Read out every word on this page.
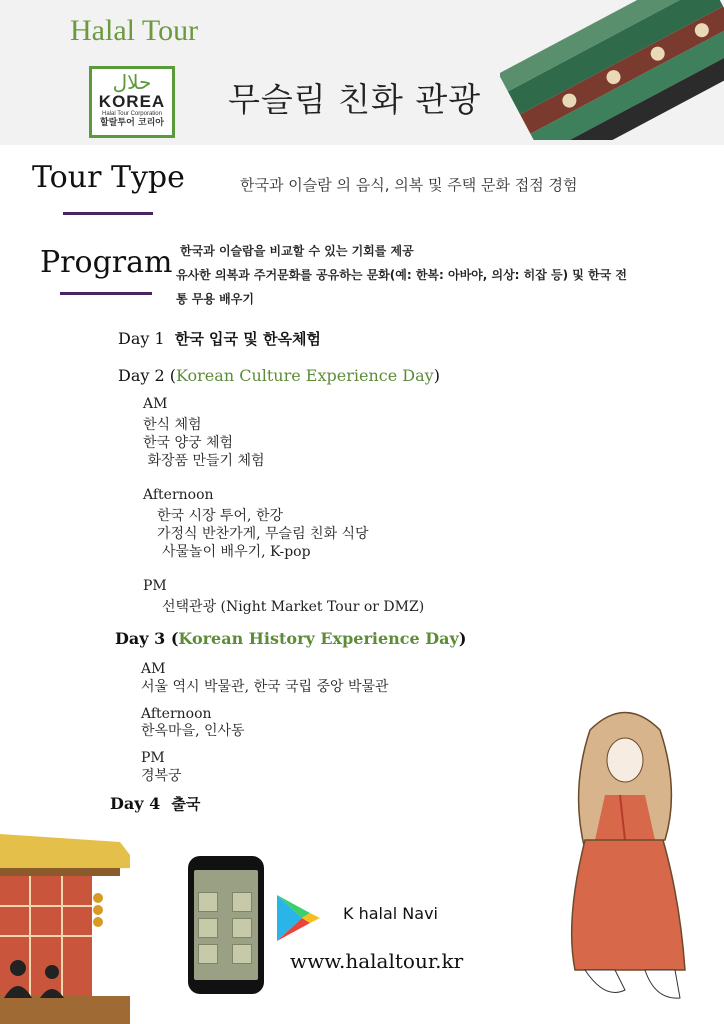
Halal Tour
حلال
KOREA
Halal Tour Corporation
할랄투어 코리아
무슬림 친화 관광
Tour Type	한국과 이슬람 의 음식, 의복 및 주택 문화 접점 경험
Program 한국과 이슬람을 비교할 수 있는 기회를 제공
유사한 의복과 주거문화를 공유하는 문화(예: 한복: 아바야, 의상: 히잡 등) 및 한국 전
통 무용 배우기
Day 1 한국 입국 및 한옥체험
Day 2 (Korean Culture Experience Day)
AM
한식 체험
한국 양궁 체험
화장품 만들기 체험
Afternoon
한국 시장 투어, 한강
가정식 반찬가게, 무슬림 친화 식당
사물놀이 배우기, K-pop
PM
선택관광 (Night Market Tour or DMZ)
Day 3 (Korean History Experience Day)
AM
서울 역시 박물관, 한국 국립 중앙 박물관
Afternoon
한옥마을, 인사동
PM
경복궁
Day 4 출국
K halal Navi
www.halaltour.kr
